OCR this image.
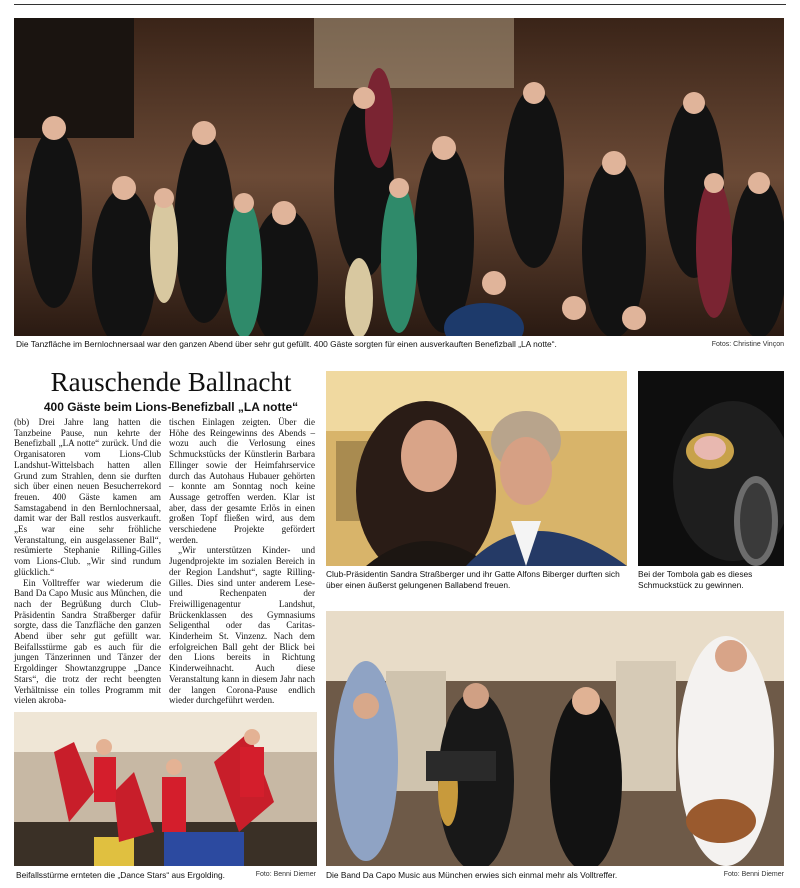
Die Tanzfläche im Bernlochnersaal war den ganzen Abend über sehr gut gefüllt. 400 Gäste sorgten für einen ausverkauften Benefizball „LA notte“.	Fotos: Christine Vinçon
Rauschende Ballnacht
400 Gäste beim Lions-Benefizball „LA notte“

(bb) Drei Jahre lang hatten die Tanzbeine Pause, nun kehrte der Benefizball „LA notte“ zurück. Und die Organisatoren vom Lions-Club Landshut-Wittelsbach hatten allen Grund zum Strahlen, denn sie durften sich über einen neuen Besucherrekord freuen. 400 Gäste kamen am Samstagabend in den Bernlochnersaal, damit war der Ball restlos ausverkauft. „Es war eine sehr fröhliche Veranstaltung, ein ausgelassener Ball“, resümierte Stephanie Rilling-Gilles vom Lions-Club. „Wir sind rundum glücklich.“

Ein Volltreffer war wiederum die Band Da Capo Music aus München, die nach der Begrüßung durch Club-Präsidentin Sandra Straßberger dafür sorgte, dass die Tanzfläche den ganzen Abend über sehr gut gefüllt war. Beifallsstürme gab es auch für die jungen Tänzerinnen und Tänzer der Ergoldinger Showtanzgruppe „Dance Stars“, die trotz der recht beengten Verhältnisse ein tolles Programm mit vielen akroba-

tischen Einlagen zeigten. Über die Höhe des Reingewinns des Abends – wozu auch die Verlosung eines Schmuckstücks der Künstlerin Barbara Ellinger sowie der Heimfahrservice durch das Autohaus Hubauer gehörten – konnte am Sonntag noch keine Aussage getroffen werden. Klar ist aber, dass der gesamte Erlös in einen großen Topf fließen wird, aus dem verschiedene Projekte gefördert werden.

„Wir unterstützen Kinder- und Jugendprojekte im sozialen Bereich in der Region Landshut“, sagte Rilling-Gilles. Dies sind unter anderem Lese- und Rechenpaten der Freiwilligenagentur Landshut, Brückenklassen des Gymnasiums Seligenthal oder das Caritas-Kinderheim St. Vinzenz. Nach dem erfolgreichen Ball geht der Blick bei den Lions bereits in Richtung Kinderweihnacht. Auch diese Veranstaltung kann in diesem Jahr nach der langen Corona-Pause endlich wieder durchgeführt werden.

Club-Präsidentin Sandra Straßberger und ihr Gatte Alfons Biberger durften sich über einen äußerst gelungenen Ballabend freuen.
Bei der Tombola gab es dieses Schmuckstück zu gewinnen.
Beifallsstürme ernteten die „Dance Stars“ aus Ergolding.	Foto: Benni Diemer Die Band Da Capo Music aus München erwies sich einmal mehr als Volltreffer.	Foto: Benni Diemer
